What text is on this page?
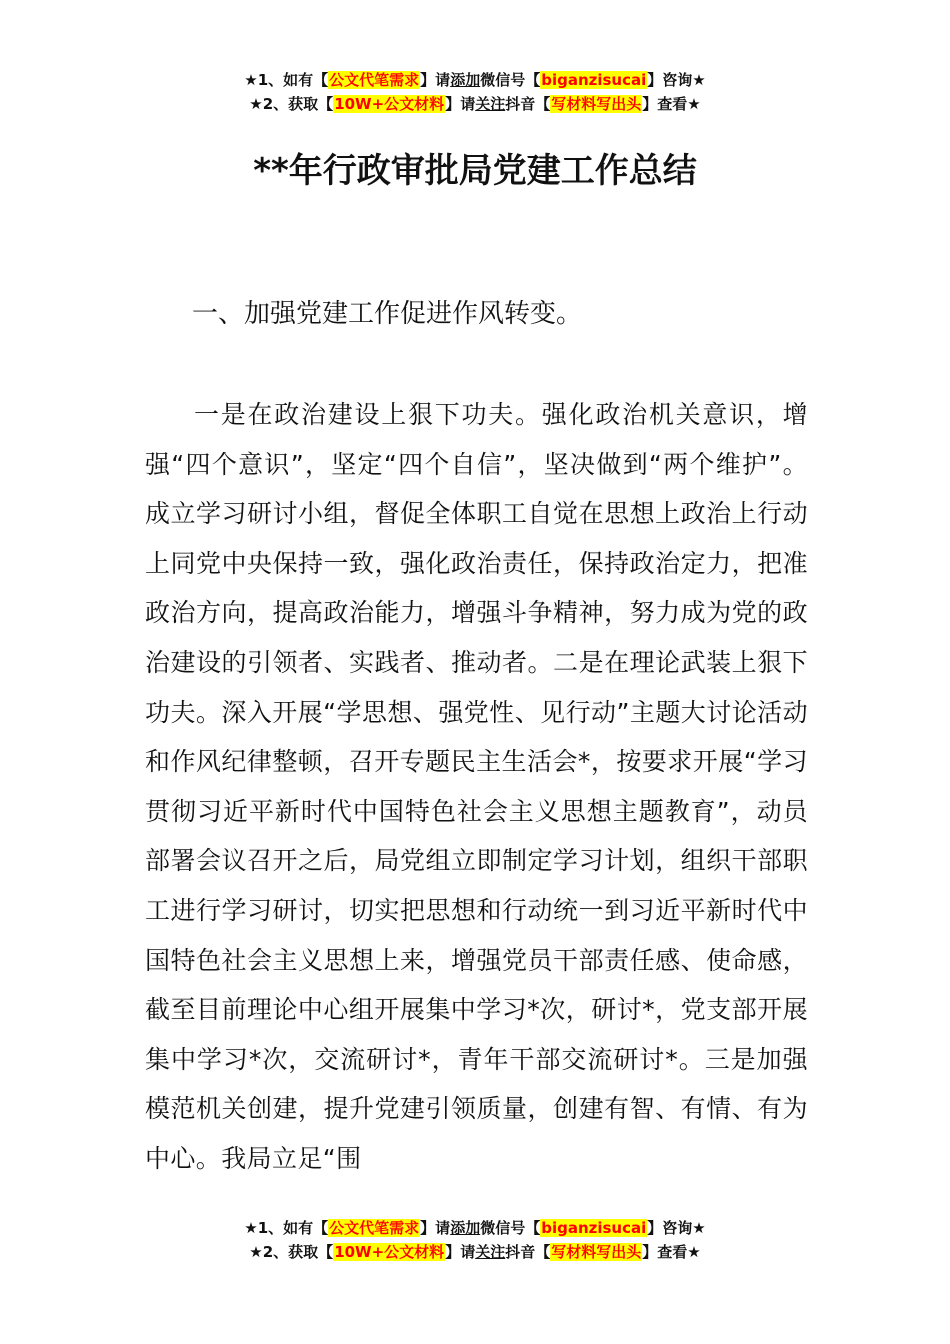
★1、如有【公文代笔需求】请添加微信号【biganzisucai】咨询★
★2、获取【10W+公文材料】请关注抖音【写材料写出头】查看★
**年行政审批局党建工作总结
一、加强党建工作促进作风转变。

一是在政治建设上狠下功夫。强化政治机关意识，增强“四个意识”，坚定“四个自信”，坚决做到“两个维护”。成立学习研讨小组，督促全体职工自觉在思想上政治上行动上同党中央保持一致，强化政治责任，保持政治定力，把准政治方向，提高政治能力，增强斗争精神，努力成为党的政治建设的引领者、实践者、推动者。二是在理论武装上狠下功夫。深入开展“学思想、强党性、见行动”主题大讨论活动和作风纪律整顿，召开专题民主生活会*，按要求开展“学习贯彻习近平新时代中国特色社会主义思想主题教育”，动员部署会议召开之后，局党组立即制定学习计划，组织干部职工进行学习研讨，切实把思想和行动统一到习近平新时代中国特色社会主义思想上来，增强党员干部责任感、使命感，截至目前理论中心组开展集中学习*次，研讨*，党支部开展集中学习*次，交流研讨*，青年干部交流研讨*。三是加强模范机关创建，提升党建引领质量，创建有智、有情、有为中心。我局立足“围

★1、如有【公文代笔需求】请添加微信号【biganzisucai】咨询★
★2、获取【10W+公文材料】请关注抖音【写材料写出头】查看★
